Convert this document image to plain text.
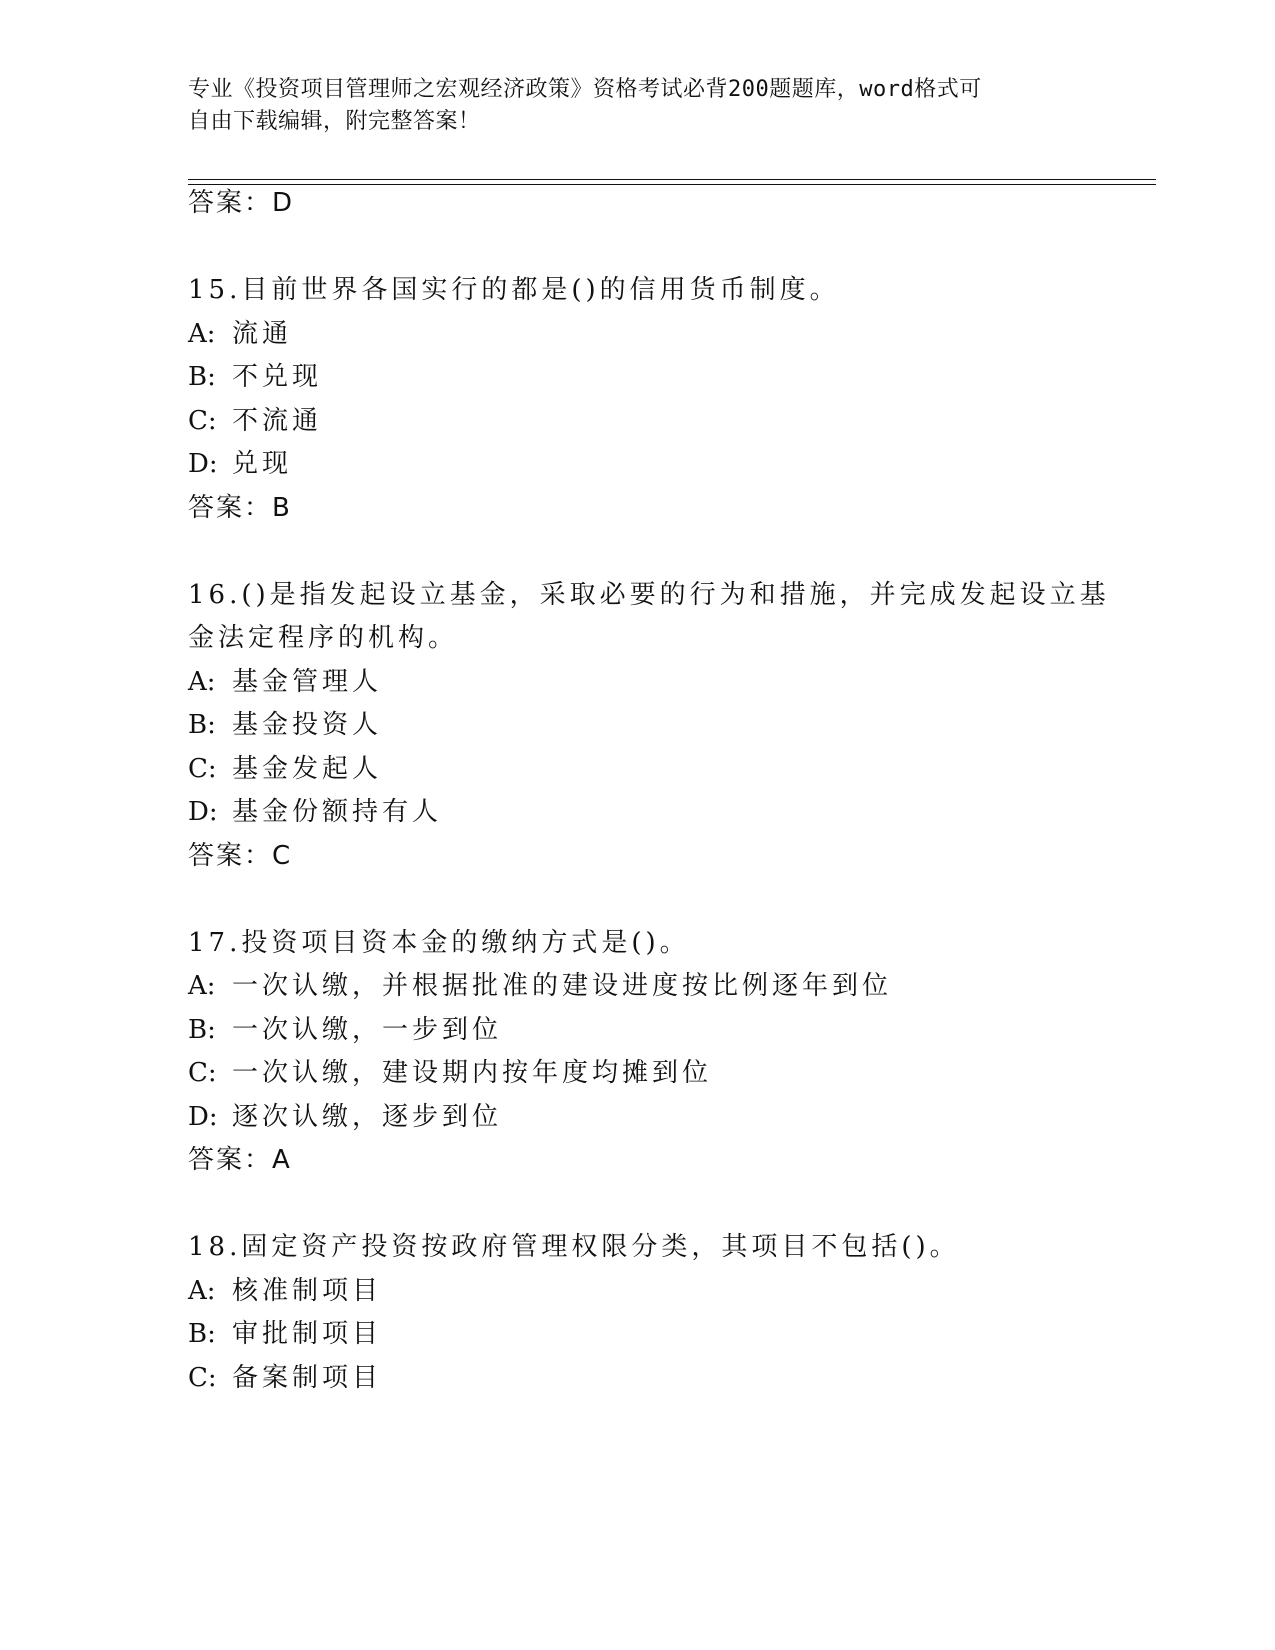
专业《投资项目管理师之宏观经济政策》资格考试必背200题题库，word格式可
自由下载编辑，附完整答案！
答案：D
15.目前世界各国实行的都是()的信用货币制度。
A: 流通
B: 不兑现
C: 不流通
D: 兑现
答案：B
16.()是指发起设立基金，采取必要的行为和措施，并完成发起设立基
金法定程序的机构。
A: 基金管理人
B: 基金投资人
C: 基金发起人
D: 基金份额持有人
答案：C
17.投资项目资本金的缴纳方式是()。
A: 一次认缴，并根据批准的建设进度按比例逐年到位
B: 一次认缴，一步到位
C: 一次认缴，建设期内按年度均摊到位
D: 逐次认缴，逐步到位
答案：A
18.固定资产投资按政府管理权限分类，其项目不包括()。
A: 核准制项目
B: 审批制项目
C: 备案制项目
